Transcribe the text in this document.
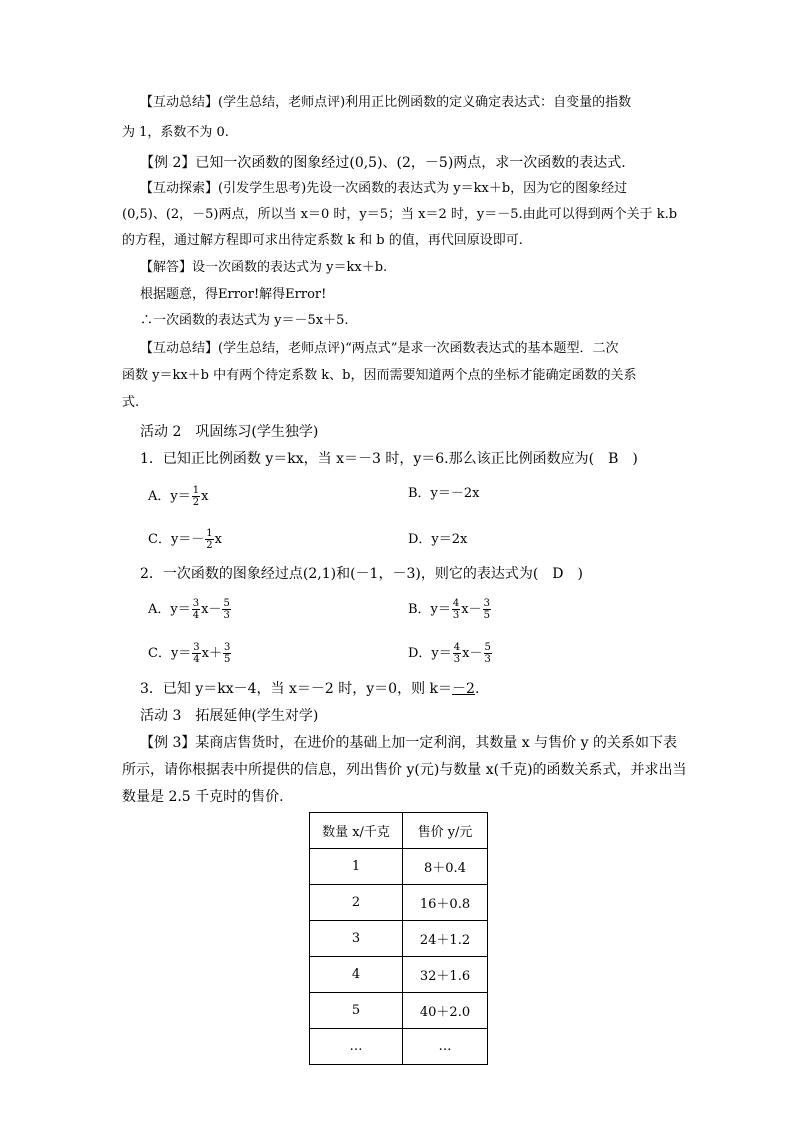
【互动总结】(学生总结，老师点评)利用正比例函数的定义确定表达式：自变量的指数
为 1，系数不为 0.
【例 2】已知一次函数的图象经过(0,5)、(2，－5)两点，求一次函数的表达式.
【互动探索】(引发学生思考)先设一次函数的表达式为 y＝kx＋b，因为它的图象经过
(0,5)、(2，－5)两点，所以当 x＝0 时，y＝5；当 x＝2 时，y＝－5.由此可以得到两个关于 k.b
的方程，通过解方程即可求出待定系数 k 和 b 的值，再代回原设即可.
【解答】设一次函数的表达式为 y＝kx＋b.
根据题意，得Error!解得Error!
∴一次函数的表达式为 y＝－5x＋5.
【互动总结】(学生总结，老师点评)“两点式”是求一次函数表达式的基本题型．二次
函数 y＝kx＋b 中有两个待定系数 k、b，因而需要知道两个点的坐标才能确定函数的关系
式.
活动 2　巩固练习(学生独学)
1．已知正比例函数 y＝kx，当 x＝－3 时，y＝6.那么该正比例函数应为(　B　)
A．$y= \frac{1}{2}$ x	B．y＝－2x
C．$y=- \frac{1}{2}$ x	D．y＝2x
2．一次函数的图象经过点(2,1)和(－1，－3)，则它的表达式为(　D　)
A．$y= \frac{3}{4} x- \frac{5}{3}$	B．$y= \frac{4}{3} x- \frac{3}{5}$
C．$y= \frac{3}{4} x+ \frac{3}{5}$	D．$y= \frac{4}{3} x- \frac{5}{3}$
3．已知 y＝kx－4，当 x＝－2 时，y＝0，则 k＝－2.
活动 3　拓展延伸(学生对学)
【例 3】某商店售货时，在进价的基础上加一定利润，其数量 x 与售价 y 的关系如下表
所示，请你根据表中所提供的信息，列出售价 y(元)与数量 x(千克)的函数关系式，并求出当
数量是 2.5 千克时的售价.
数量 x/千克	售价 y/元
1	8＋0.4
2	16＋0.8
3	24＋1.2
4	32＋1.6
5	40＋2.0
…	…
